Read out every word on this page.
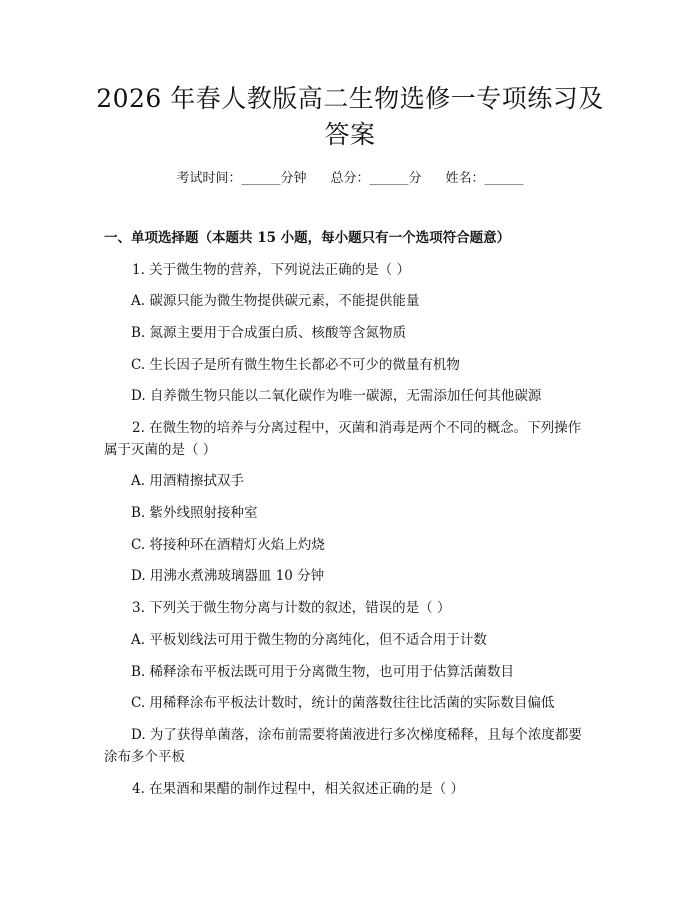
2026 年春人教版高二生物选修一专项练习及
答案
考试时间：______分钟 总分：______分 姓名：______
一、单项选择题（本题共 15 小题，每小题只有一个选项符合题意）
1. 关于微生物的营养，下列说法正确的是（ ）
A. 碳源只能为微生物提供碳元素，不能提供能量
B. 氮源主要用于合成蛋白质、核酸等含氮物质
C. 生长因子是所有微生物生长都必不可少的微量有机物
D. 自养微生物只能以二氧化碳作为唯一碳源，无需添加任何其他碳源
2. 在微生物的培养与分离过程中，灭菌和消毒是两个不同的概念。下列操作
属于灭菌的是（ ）
A. 用酒精擦拭双手
B. 紫外线照射接种室
C. 将接种环在酒精灯火焰上灼烧
D. 用沸水煮沸玻璃器皿 10 分钟
3. 下列关于微生物分离与计数的叙述，错误的是（ ）
A. 平板划线法可用于微生物的分离纯化，但不适合用于计数
B. 稀释涂布平板法既可用于分离微生物，也可用于估算活菌数目
C. 用稀释涂布平板法计数时，统计的菌落数往往比活菌的实际数目偏低
D. 为了获得单菌落，涂布前需要将菌液进行多次梯度稀释，且每个浓度都要
涂布多个平板
4. 在果酒和果醋的制作过程中，相关叙述正确的是（ ）
